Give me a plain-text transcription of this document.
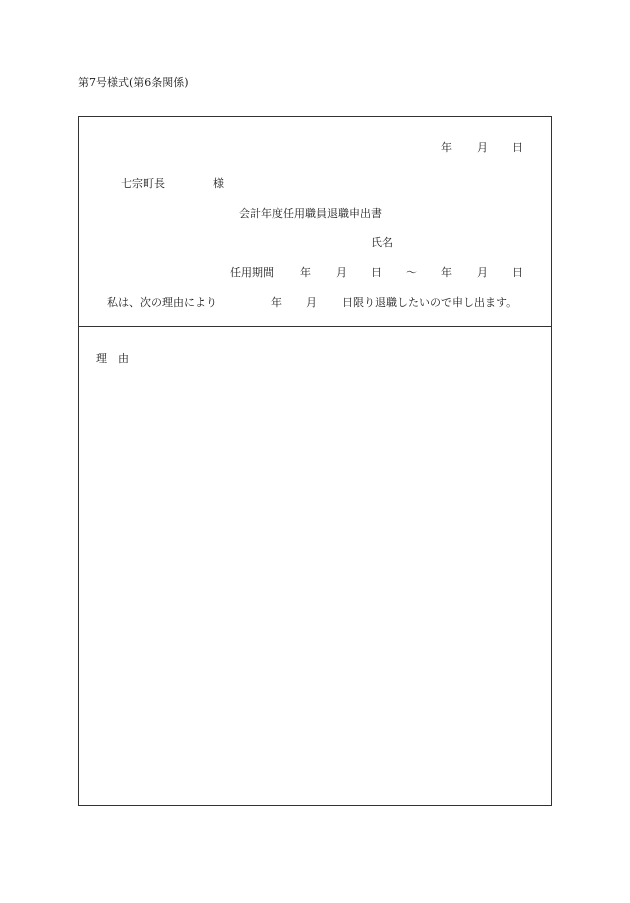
第7号様式(第6条関係)
年 月 日
七宗町長	様
会計年度任用職員退職申出書
氏名
任用期間 年 月 日 ～ 年 月 日
私は、次の理由により	年 月 日限り退職したいので申し出ます。
理　由
